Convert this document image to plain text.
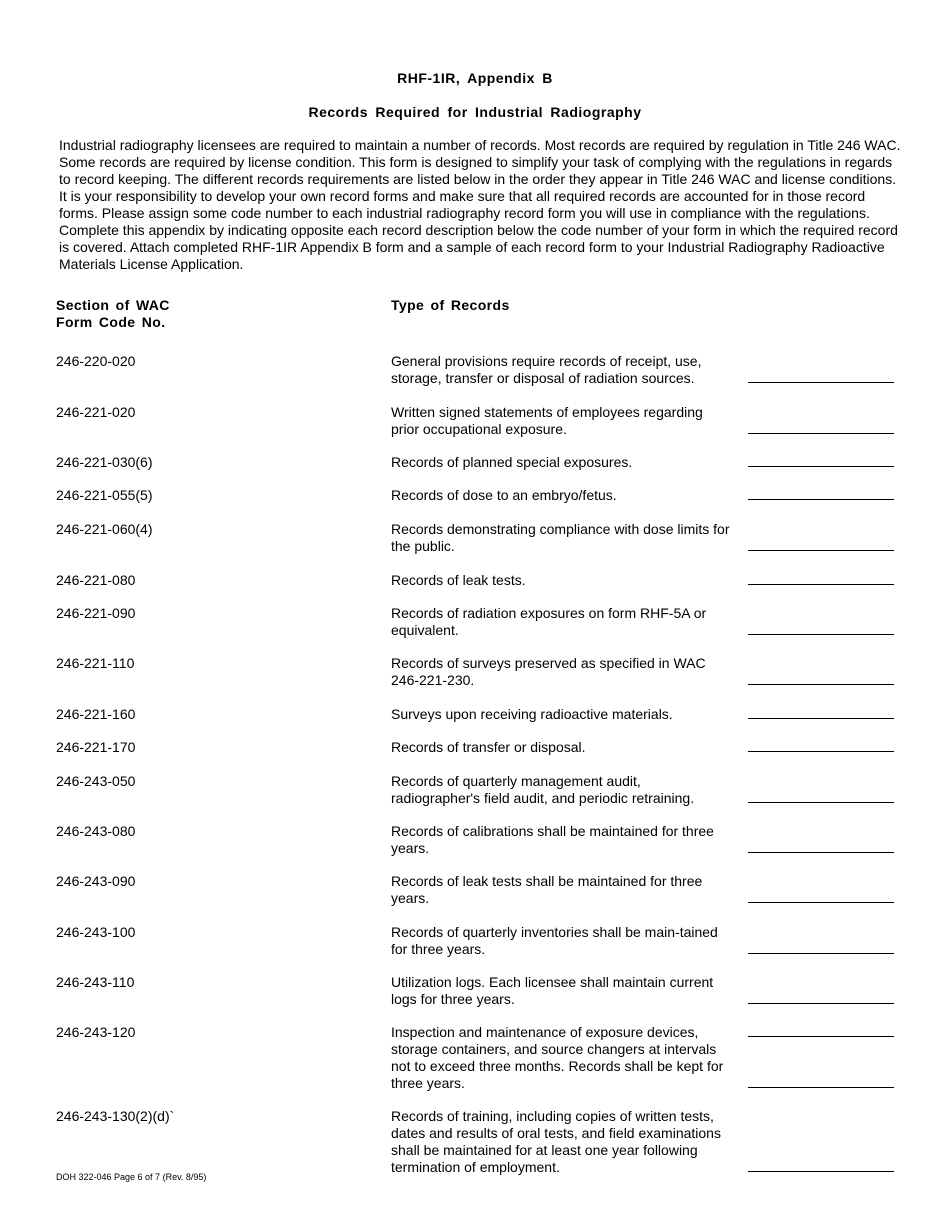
RHF-1IR, Appendix B
Records Required for Industrial Radiography
Industrial radiography licensees are required to maintain a number of records. Most records are required by regulation in Title 246 WAC. Some records are required by license condition. This form is designed to simplify your task of complying with the regulations in regards to record keeping. The different records requirements are listed below in the order they appear in Title 246 WAC and license conditions. It is your responsibility to develop your own record forms and make sure that all required records are accounted for in those record forms. Please assign some code number to each industrial radiography record form you will use in compliance with the regulations. Complete this appendix by indicating opposite each record description below the code number of your form in which the required record is covered. Attach completed RHF-1IR Appendix B form and a sample of each record form to your Industrial Radiography Radioactive Materials License Application.
Section of WAC
Form Code No.
Type of Records
246-220-020	General provisions require records of receipt, use, storage, transfer or disposal of radiation sources.
246-221-020	Written signed statements of employees regarding prior occupational exposure.
246-221-030(6)	Records of planned special exposures.
246-221-055(5)	Records of dose to an embryo/fetus.
246-221-060(4)	Records demonstrating compliance with dose limits for the public.
246-221-080	Records of leak tests.
246-221-090	Records of radiation exposures on form RHF-5A or equivalent.
246-221-110	Records of surveys preserved as specified in WAC 246-221-230.
246-221-160	Surveys upon receiving radioactive materials.
246-221-170	Records of transfer or disposal.
246-243-050	Records of quarterly management audit, radiographer's field audit, and periodic retraining.
246-243-080	Records of calibrations shall be maintained for three years.
246-243-090	Records of leak tests shall be maintained for three years.
246-243-100	Records of quarterly inventories shall be main-tained for three years.
246-243-110	Utilization logs. Each licensee shall maintain current logs for three years.
246-243-120	Inspection and maintenance of exposure devices, storage containers, and source changers at intervals not to exceed three months. Records shall be kept for three years.
246-243-130(2)(d)`	Records of training, including copies of written tests, dates and results of oral tests, and field examinations shall be maintained for at least one year following termination of employment.
DOH 322-046 Page 6 of 7 (Rev. 8/95)
